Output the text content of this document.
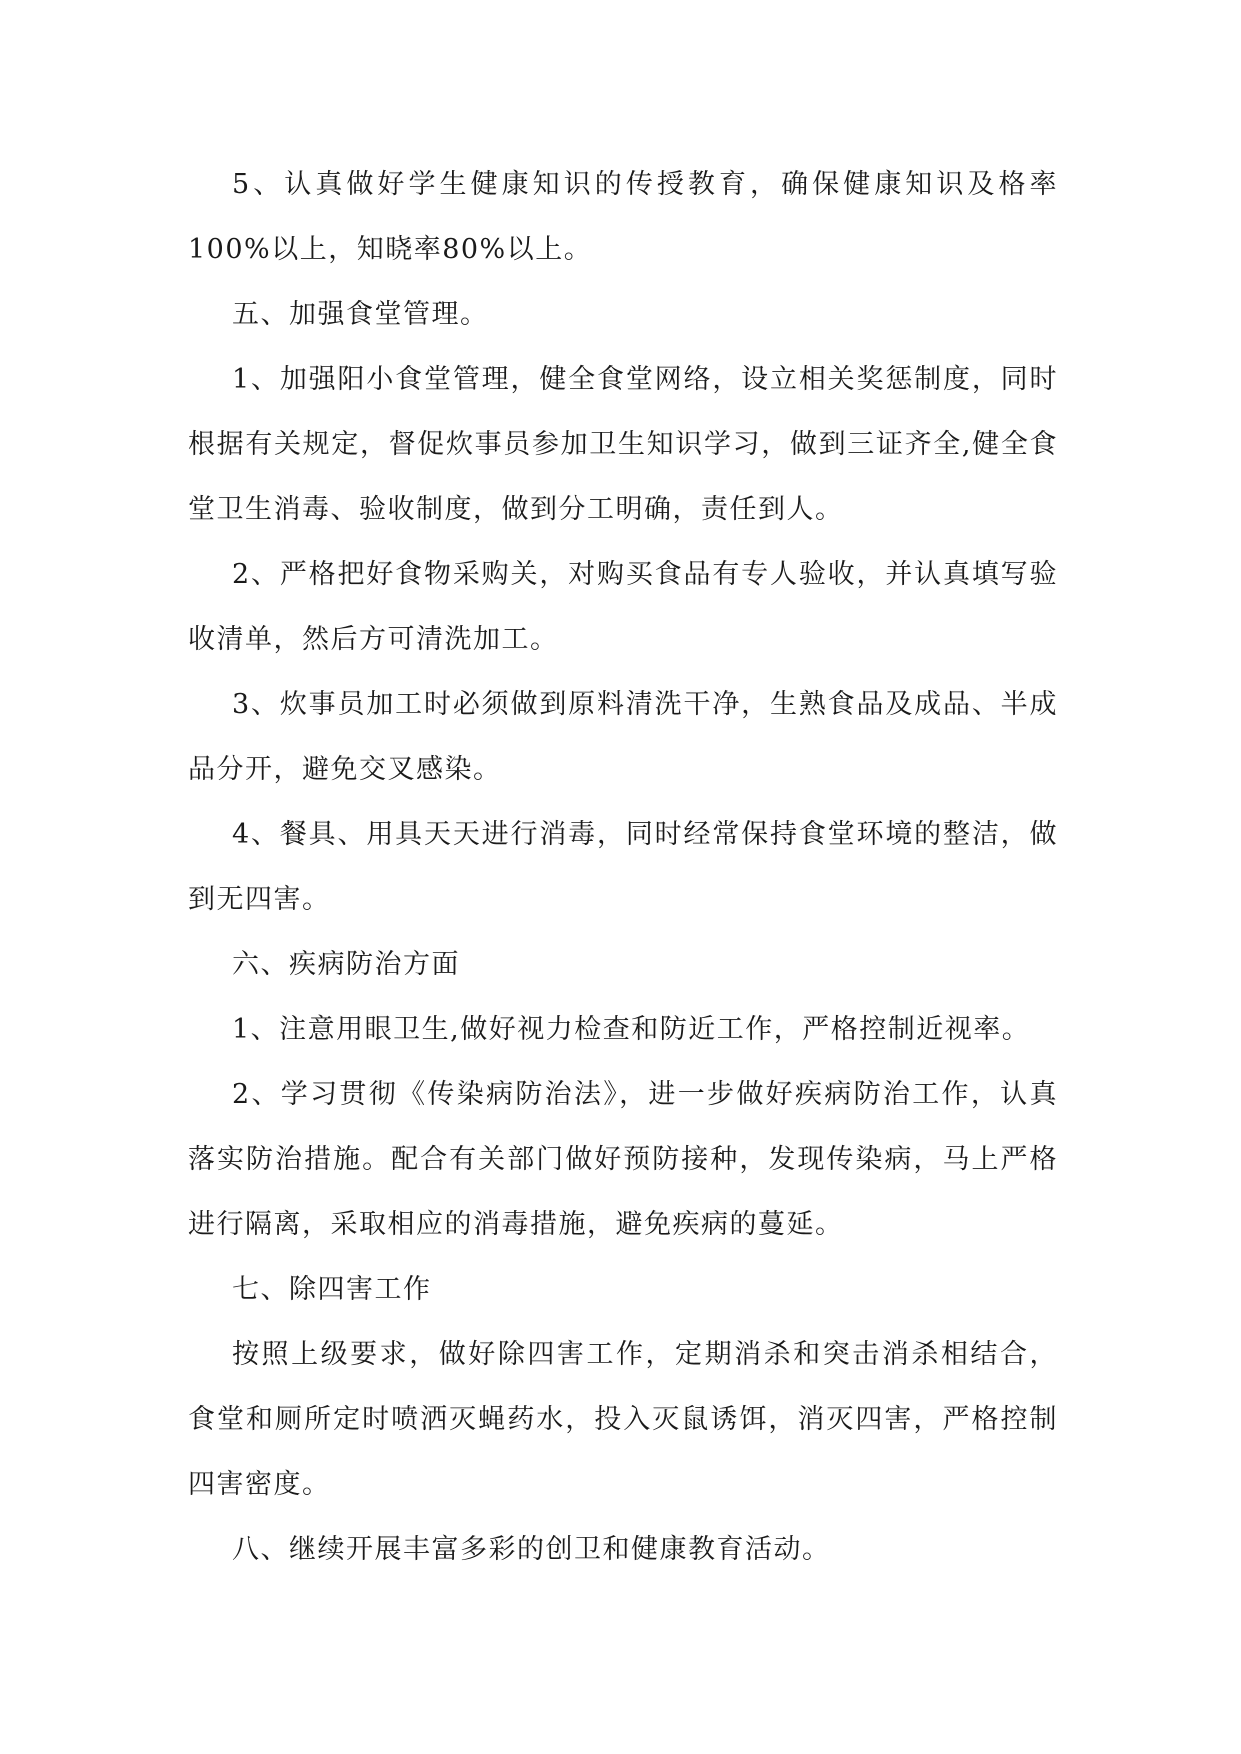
5、认真做好学生健康知识的传授教育，确保健康知识及格率100%以上，知晓率80%以上。

五、加强食堂管理。

1、加强阳小食堂管理，健全食堂网络，设立相关奖惩制度，同时根据有关规定，督促炊事员参加卫生知识学习，做到三证齐全,健全食堂卫生消毒、验收制度，做到分工明确，责任到人。

2、严格把好食物采购关，对购买食品有专人验收，并认真填写验收清单，然后方可清洗加工。

3、炊事员加工时必须做到原料清洗干净，生熟食品及成品、半成品分开，避免交叉感染。

4、餐具、用具天天进行消毒，同时经常保持食堂环境的整洁，做到无四害。

六、疾病防治方面

1、注意用眼卫生,做好视力检查和防近工作，严格控制近视率。

2、学习贯彻《传染病防治法》，进一步做好疾病防治工作，认真落实防治措施。配合有关部门做好预防接种，发现传染病，马上严格进行隔离，采取相应的消毒措施，避免疾病的蔓延。

七、除四害工作

按照上级要求，做好除四害工作，定期消杀和突击消杀相结合，食堂和厕所定时喷洒灭蝇药水，投入灭鼠诱饵，消灭四害，严格控制四害密度。

八、继续开展丰富多彩的创卫和健康教育活动。
